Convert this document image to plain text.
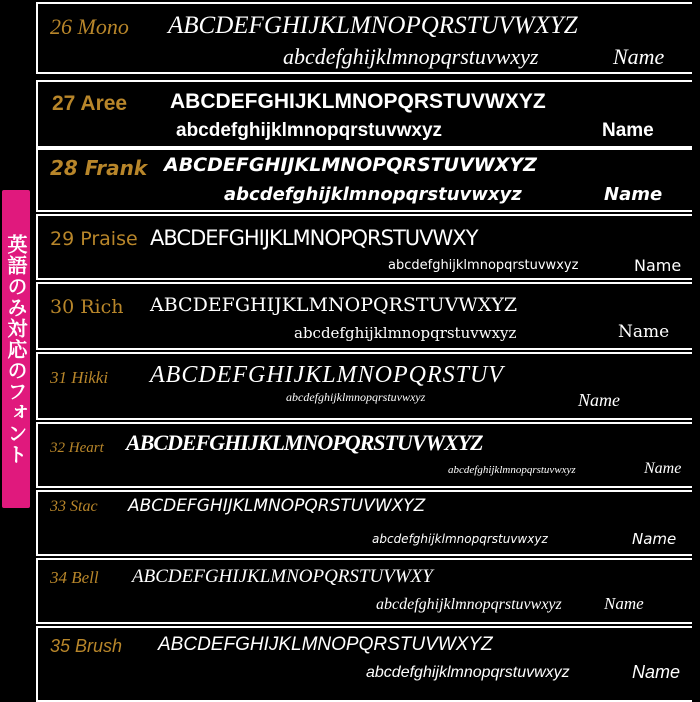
英語のみ対応のフォント
26 Mono ABCDEFGHIJKLMNOPQRSTUVWXYZ
abcdefghijklmnopqrstuvwxyz	Name
27 Aree ABCDEFGHIJKLMNOPQRSTUVWXYZ
abcdefghijklmnopqrstuvwxyz	Name
28 Frank ABCDEFGHIJKLMNOPQRSTUVWXYZ
abcdefghijklmnopqrstuvwxyz	Name
29 Praise ABCDEFGHIJKLMNOPQRSTUVWXY
abcdefghijklmnopqrstuvwxyz	Name
30 Rich ABCDEFGHIJKLMNOPQRSTUVWXYZ
abcdefghijklmnopqrstuvwxyz	Name
31 Hikki ABCDEFGHIJKLMNOPQRSTUV
abcdefghijklmnopqrstuvwxyz	Name
32 Heart ABCDEFGHIJKLMNOPQRSTUVWXYZ
abcdefghijklmnopqrstuvwxyz	Name
33 Stac ABCDEFGHIJKLMNOPQRSTUVWXYZ
abcdefghijklmnopqrstuvwxyz	Name
34 Bell ABCDEFGHIJKLMNOPQRSTUVWXY
abcdefghijklmnopqrstuvwxyz Name
35 Brush ABCDEFGHIJKLMNOPQRSTUVWXYZ
abcdefghijklmnopqrstuvwxyz	Name
